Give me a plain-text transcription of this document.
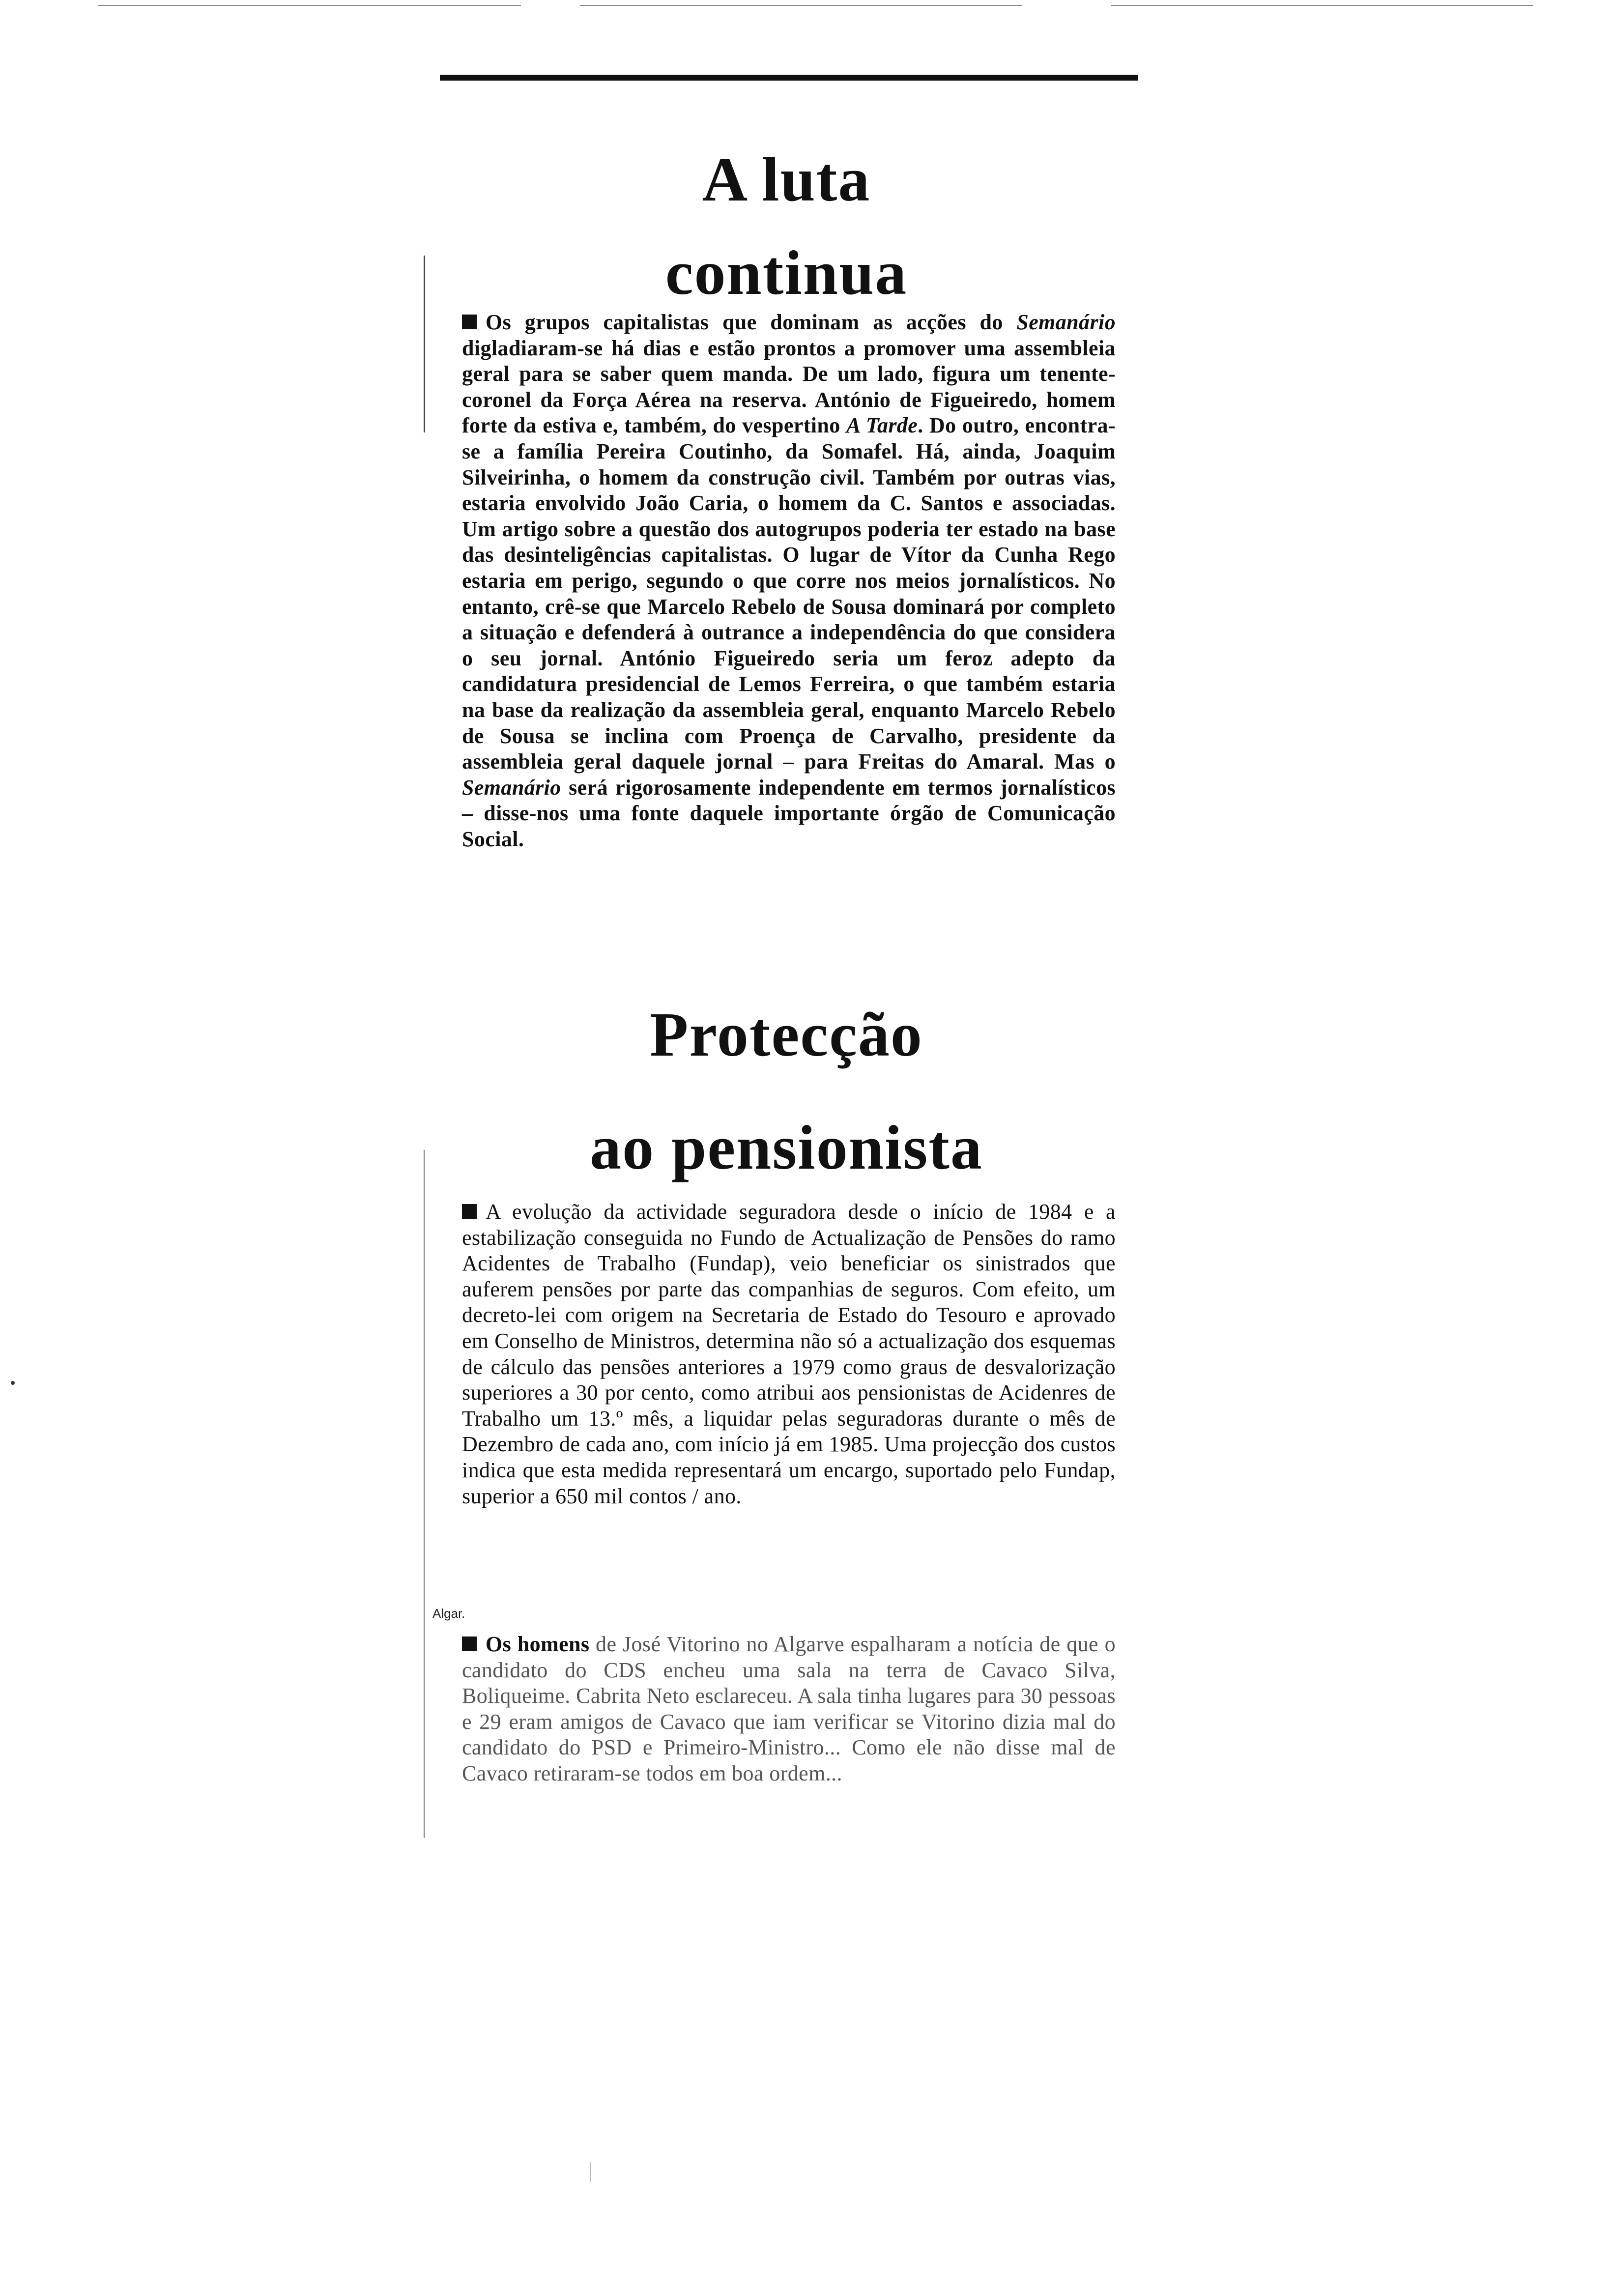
A luta
continua
Os grupos capitalistas que dominam as acções do Semanário digladiaram-se há dias e estão prontos a promover uma assembleia geral para se saber quem manda. De um lado, figura um tenente-coronel da Força Aérea na reserva. António de Figueiredo, homem forte da estiva e, também, do vespertino A Tarde. Do outro, encontra-se a família Pereira Coutinho, da Somafel. Há, ainda, Joaquim Silveirinha, o homem da construção civil. Também por outras vias, estaria envolvido João Caria, o homem da C. Santos e associadas. Um artigo sobre a questão dos autogrupos poderia ter estado na base das desinteligências capitalistas. O lugar de Vítor da Cunha Rego estaria em perigo, segundo o que corre nos meios jornalísticos. No entanto, crê-se que Marcelo Rebelo de Sousa dominará por completo a situação e defenderá à outrance a independência do que considera o seu jornal. António Figueiredo seria um feroz adepto da candidatura presidencial de Lemos Ferreira, o que também estaria na base da realização da assembleia geral, enquanto Marcelo Rebelo de Sousa se inclina com Proença de Carvalho, presidente da assembleia geral daquele jornal – para Freitas do Amaral. Mas o Semanário será rigorosamente independente em termos jornalísticos – disse-nos uma fonte daquele importante órgão de Comunicação Social.
Protecção
ao pensionista
A evolução da actividade seguradora desde o início de 1984 e a estabilização conseguida no Fundo de Actualização de Pensões do ramo Acidentes de Trabalho (Fundap), veio beneficiar os sinistrados que auferem pensões por parte das companhias de seguros. Com efeito, um decreto-lei com origem na Secretaria de Estado do Tesouro e aprovado em Conselho de Ministros, determina não só a actualização dos esquemas de cálculo das pensões anteriores a 1979 como graus de desvalorização superiores a 30 por cento, como atribui aos pensionistas de Acidenres de Trabalho um 13.º mês, a liquidar pelas seguradoras durante o mês de Dezembro de cada ano, com início já em 1985. Uma projecção dos custos indica que esta medida representará um encargo, suportado pelo Fundap, superior a 650 mil contos / ano.
Algar.
Os homens de José Vitorino no Algarve espalharam a notícia de que o candidato do CDS encheu uma sala na terra de Cavaco Silva, Boliqueime. Cabrita Neto esclareceu. A sala tinha lugares para 30 pessoas e 29 eram amigos de Cavaco que iam verificar se Vitorino dizia mal do candidato do PSD e Primeiro-Ministro... Como ele não disse mal de Cavaco retiraram-se todos em boa ordem...
